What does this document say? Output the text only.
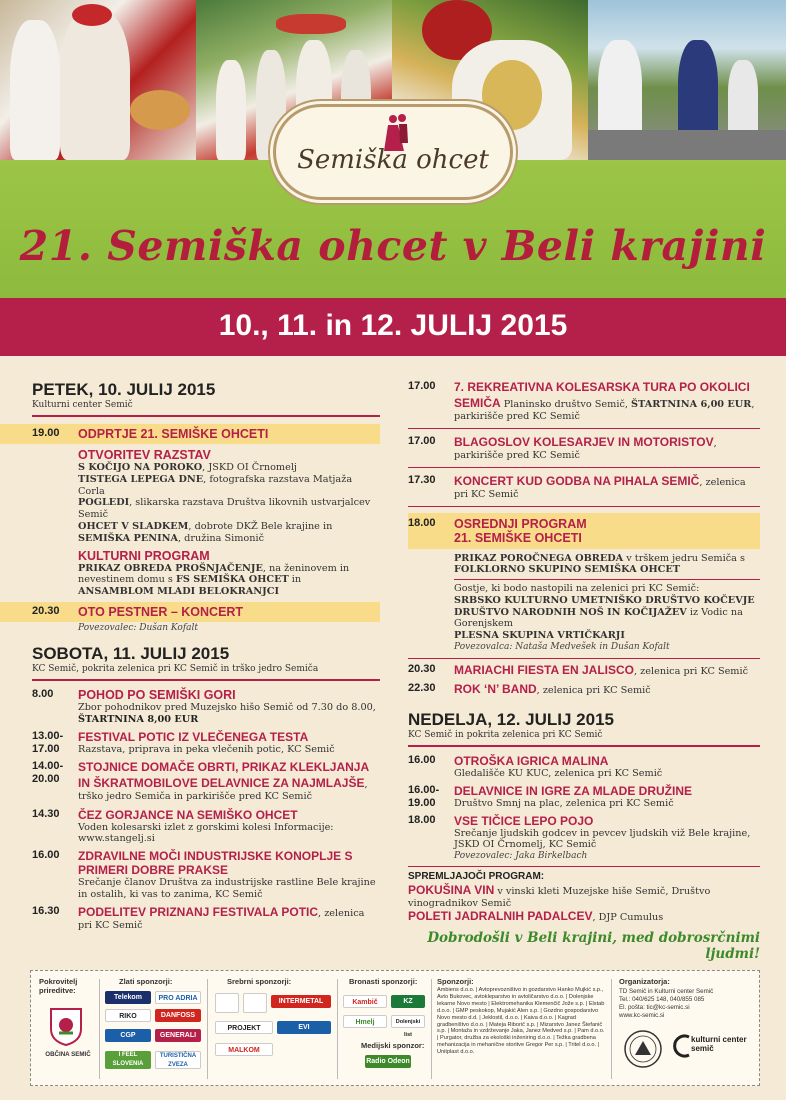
Semiška ohcet
21. Semiška ohcet v Beli krajini
10., 11. in 12. JULIJ 2015
PETEK, 10. JULIJ 2015
Kulturni center Semič
19.00	ODPRTJE 21. SEMIŠKE OHCETI
OTVORITEV RAZSTAV
S KOČIJO NA POROKO, JSKD OI Črnomelj
TISTEGA LEPEGA DNE, fotografska razstava Matjaža Corla
POGLEDI, slikarska razstava Društva likovnih ustvarjalcev Semič
OHCET V SLADKEM, dobrote DKŽ Bele krajine in
SEMIŠKA PENINA, družina Simonič
KULTURNI PROGRAM
PRIKAZ OBREDA PROŠNJAČENJE, na ženinovem in nevestinem domu s FS SEMIŠKA OHCET in
ANSAMBLOM MLADI BELOKRANJCI
20.30	OTO PESTNER – KONCERT
Povezovalec: Dušan Kofalt
SOBOTA, 11. JULIJ 2015
KC Semič, pokrita zelenica pri KC Semič in trško jedro Semiča
8.00	POHOD PO SEMIŠKI GORI
Zbor pohodnikov pred Muzejsko hišo Semič od 7.30 do 8.00, ŠTARTNINA 8,00 EUR
13.00-
17.00
FESTIVAL POTIC IZ VLEČENEGA TESTA
Razstava, priprava in peka vlečenih potic, KC Semič
14.00-
20.00
STOJNICE DOMAČE OBRTI, PRIKAZ KLEKLJANJA IN ŠKRATMOBILOVE DELAVNICE ZA NAJMLAJŠE, trško jedro Semiča in parkirišče pred KC Semič
14.30	ČEZ GORJANCE NA SEMIŠKO OHCET
Voden kolesarski izlet z gorskimi kolesi Informacije: www.stangelj.si
16.00	ZDRAVILNE MOČI INDUSTRIJSKE KONOPLJE S PRIMERI DOBRE PRAKSE
Srečanje članov Društva za industrijske rastline Bele krajine in ostalih, ki vas to zanima, KC Semič
16.30	PODELITEV PRIZNANJ FESTIVALA POTIC, zelenica pri KC Semič
17.00	7. REKREATIVNA KOLESARSKA TURA PO OKOLICI SEMIČA Planinsko društvo Semič, ŠTARTNINA 6,00 EUR, parkirišče pred KC Semič
17.00	BLAGOSLOV KOLESARJEV IN MOTORISTOV, parkirišče pred KC Semič
17.30	KONCERT KUD GODBA NA PIHALA SEMIČ, zelenica pri KC Semič
18.00	OSREDNJI PROGRAM 21. SEMIŠKE OHCETI
PRIKAZ POROČNEGA OBREDA v trškem jedru Semiča s FOLKLORNO SKUPINO SEMIŠKA OHCET
Gostje, ki bodo nastopili na zelenici pri KC Semič:
SRBSKO KULTURNO UMETNIŠKO DRUŠTVO KOČEVJE DRUŠTVO NARODNIH NOŠ IN KOČIJAŽEV iz Vodic na Gorenjskem
PLESNA SKUPINA VRTIČKARJI
Povezovalca: Nataša Medvešek in Dušan Kofalt
20.30	MARIACHI FIESTA EN JALISCO, zelenica pri KC Semič
22.30	ROK ‘N’ BAND, zelenica pri KC Semič
NEDELJA, 12. JULIJ 2015
KC Semič in pokrita zelenica pri KC Semič
16.00	OTROŠKA IGRICA MALINA
Gledališče KU KUC, zelenica pri KC Semič
16.00-
19.00
DELAVNICE IN IGRE ZA MLADE DRUŽINE
Društvo Smnj na plac, zelenica pri KC Semič
18.00	VSE TIČICE LEPO POJO
Srečanje ljudskih godcev in pevcev ljudskih viž Bele krajine, JSKD OI Črnomelj, KC Semič
Povezovalec: Jaka Birkelbach
SPREMLJAJOČI PROGRAM:
POKUŠINA VIN v vinski kleti Muzejske hiše Semič, Društvo vinogradnikov Semič
POLETI JADRALNIH PADALCEV, DJP Cumulus
Dobrodošli v Beli krajini, med dobrosrčnimi ljudmi!
Pokrovitelj prireditve:
OBČINA SEMIČ
Zlati sponzorji:
Telekom	PRO ADRIA
RIKO	DANFOSS
CGP	GENERALI
I FEEL SLOVENIA
TURISTIČNA ZVEZA
Srebrni sponzorji:
INTERMETAL
PROJEKT	EVI
MALKOM
Bronasti sponzorji:
Kambič	KZ
Hmelj	Dolenjski list
Medijski sponzor:
Radio Odeon
Sponzorji:
Ambiens d.o.o. | Avtoprevozništvo in gozdarstvo Hanko Mujkić s.p., Avto Bukovec, avtokleparstvo in avtoličarstvo d.o.o. | Dolenjske lekarne Novo mesto | Elektromehanika Klemenčič Jože s.p. | Elstab d.o.o. | GMP peskokop, Mujakić Alen s.p. | Gozdno gospodarstvo Novo mesto d.d. | Jeklostil, d.o.o. | Kaiva d.o.o. | Kagrad gradbeništvo d.o.o. | Mateja Riborič s.p. | Mizarstvo Janez Štefanič s.p. | Montaža in vzdrževanje Jaka, Janez Medved s.p. | Pam d.o.o. | Purgator, družba za ekološki inženiring d.o.o. | Težka gradbena mehanizacija in mehanične storitve Gregor Per s.p. | Tritel d.o.o. | Unitplast d.o.o.
Organizatorja:
TD Semič in Kulturni center Semič
Tel.: 040/625 148, 040/855 085
El. pošta: tic@kc-semic.si
www.kc-semic.si
kulturni center semič
